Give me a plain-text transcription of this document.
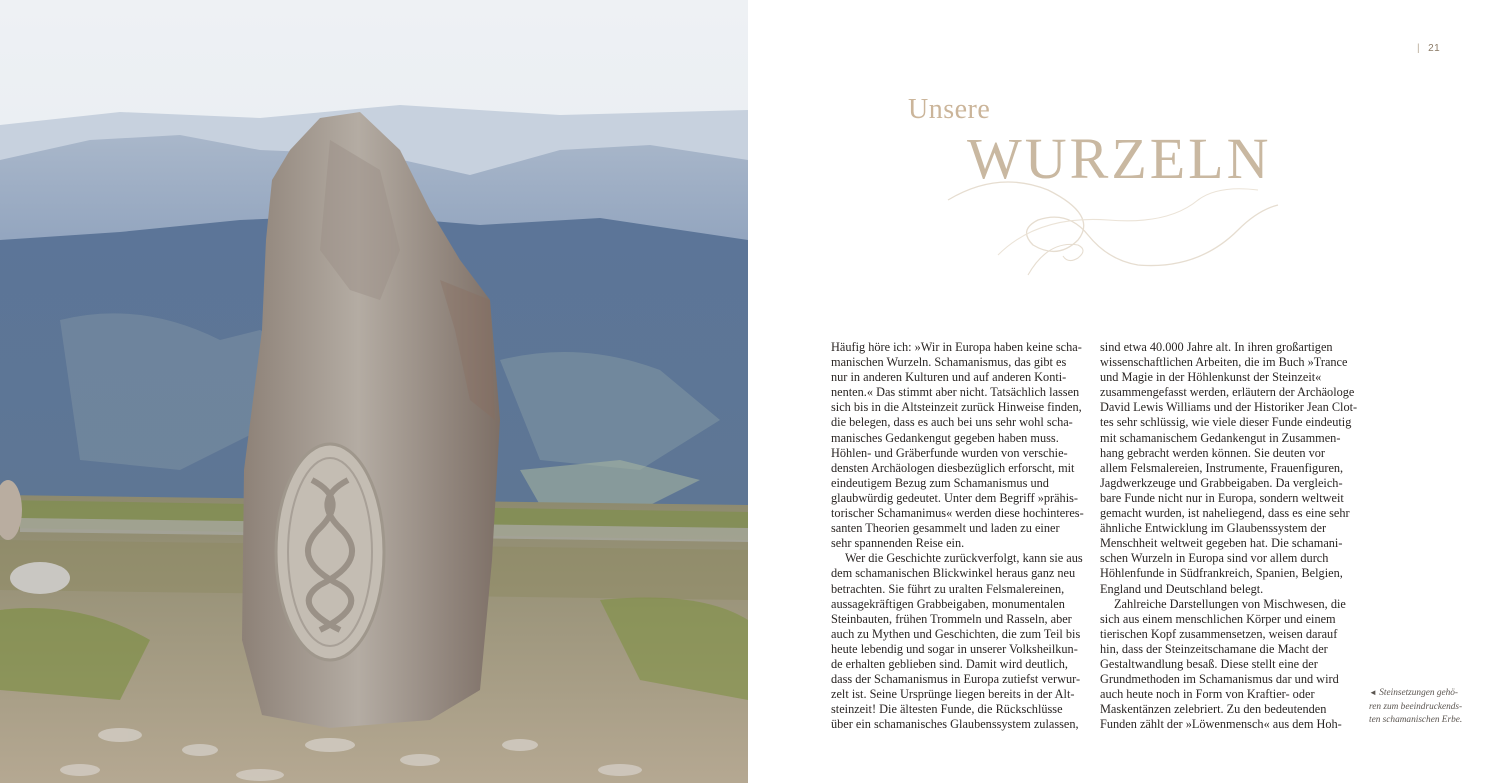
| 21
Unsere
WURZELN
Häufig höre ich: »Wir in Europa haben keine scha-
manischen Wurzeln. Schamanismus, das gibt es
nur in anderen Kulturen und auf anderen Konti-
nenten.« Das stimmt aber nicht. Tatsächlich lassen
sich bis in die Altsteinzeit zurück Hinweise finden,
die belegen, dass es auch bei uns sehr wohl scha-
manisches Gedankengut gegeben haben muss.
Höhlen- und Gräberfunde wurden von verschie-
densten Archäologen diesbezüglich erforscht, mit
eindeutigem Bezug zum Schamanismus und
glaubwürdig gedeutet. Unter dem Begriff »prähis-
torischer Schamanimus« werden diese hochinteres-
santen Theorien gesammelt und laden zu einer
sehr spannenden Reise ein.
Wer die Geschichte zurückverfolgt, kann sie aus
dem schamanischen Blickwinkel heraus ganz neu
betrachten. Sie führt zu uralten Felsmalereinen,
aussagekräftigen Grabbeigaben, monumentalen
Steinbauten, frühen Trommeln und Rasseln, aber
auch zu Mythen und Geschichten, die zum Teil bis
heute lebendig und sogar in unserer Volksheilkun-
de erhalten geblieben sind. Damit wird deutlich,
dass der Schamanismus in Europa zutiefst verwur-
zelt ist. Seine Ursprünge liegen bereits in der Alt-
steinzeit! Die ältesten Funde, die Rückschlüsse
über ein schamanisches Glaubenssystem zulassen,
sind etwa 40.000 Jahre alt. In ihren großartigen
wissenschaftlichen Arbeiten, die im Buch »Trance
und Magie in der Höhlenkunst der Steinzeit«
zusammengefasst werden, erläutern der Archäologe
David Lewis Williams und der Historiker Jean Clot-
tes sehr schlüssig, wie viele dieser Funde eindeutig
mit schamanischem Gedankengut in Zusammen-
hang gebracht werden können. Sie deuten vor
allem Felsmalereien, Instrumente, Frauenfiguren,
Jagdwerkzeuge und Grabbeigaben. Da vergleich-
bare Funde nicht nur in Europa, sondern weltweit
gemacht wurden, ist naheliegend, dass es eine sehr
ähnliche Entwicklung im Glaubenssystem der
Menschheit weltweit gegeben hat. Die schamani-
schen Wurzeln in Europa sind vor allem durch
Höhlenfunde in Südfrankreich, Spanien, Belgien,
England und Deutschland belegt.
Zahlreiche Darstellungen von Mischwesen, die
sich aus einem menschlichen Körper und einem
tierischen Kopf zusammensetzen, weisen darauf
hin, dass der Steinzeitschamane die Macht der
Gestaltwandlung besaß. Diese stellt eine der
Grundmethoden im Schamanismus dar und wird
auch heute noch in Form von Kraftier- oder
Maskentänzen zelebriert. Zu den bedeutenden
Funden zählt der »Löwenmensch« aus dem Hoh-
◄ Steinsetzungen gehö-
ren zum beeindruckends-
ten schamanischen Erbe.
